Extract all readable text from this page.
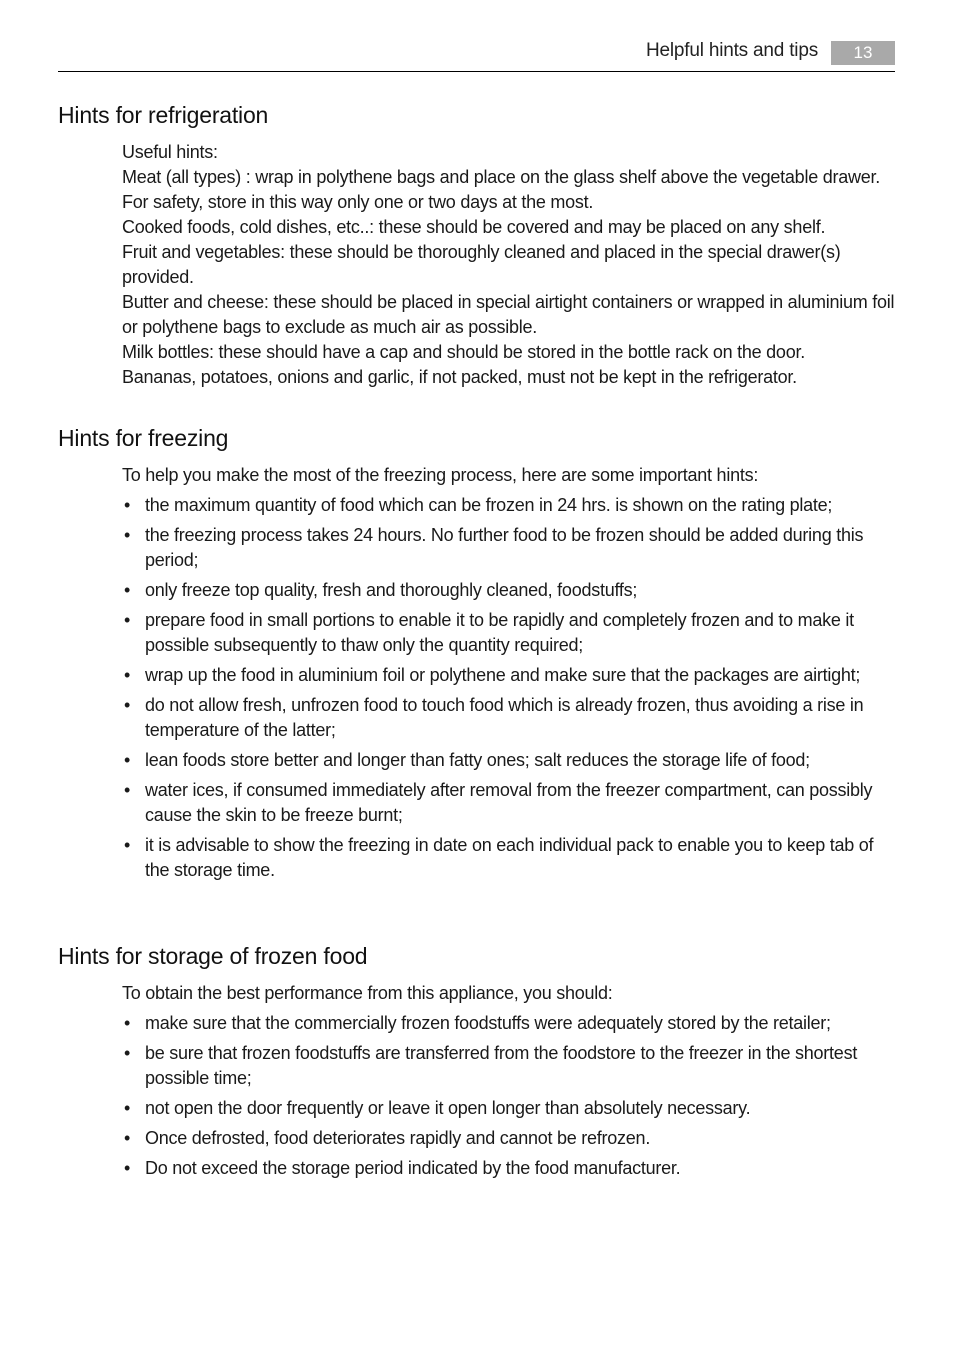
Helpful hints and tips	13
Hints for refrigeration

Useful hints:

Meat (all types) : wrap in polythene bags and place on the glass shelf above the vegetable drawer.

For safety, store in this way only one or two days at the most.

Cooked foods, cold dishes, etc..: these should be covered and may be placed on any shelf.

Fruit and vegetables: these should be thoroughly cleaned and placed in the special drawer(s) provided.

Butter and cheese: these should be placed in special airtight containers or wrapped in aluminium foil or polythene bags to exclude as much air as possible.

Milk bottles: these should have a cap and should be stored in the bottle rack on the door.

Bananas, potatoes, onions and garlic, if not packed, must not be kept in the refrigerator.

Hints for freezing

To help you make the most of the freezing process, here are some important hints:

• the maximum quantity of food which can be frozen in 24 hrs. is shown on the rating plate;
• the freezing process takes 24 hours. No further food to be frozen should be added during this period;
• only freeze top quality, fresh and thoroughly cleaned, foodstuffs;
• prepare food in small portions to enable it to be rapidly and completely frozen and to make it possible subsequently to thaw only the quantity required;
• wrap up the food in aluminium foil or polythene and make sure that the packages are airtight;
• do not allow fresh, unfrozen food to touch food which is already frozen, thus avoiding a rise in temperature of the latter;
• lean foods store better and longer than fatty ones; salt reduces the storage life of food;
• water ices, if consumed immediately after removal from the freezer compartment, can possibly cause the skin to be freeze burnt;
• it is advisable to show the freezing in date on each individual pack to enable you to keep tab of the storage time.
Hints for storage of frozen food

To obtain the best performance from this appliance, you should:

• make sure that the commercially frozen foodstuffs were adequately stored by the retailer;
• be sure that frozen foodstuffs are transferred from the foodstore to the freezer in the shortest possible time;
• not open the door frequently or leave it open longer than absolutely necessary.
• Once defrosted, food deteriorates rapidly and cannot be refrozen.
• Do not exceed the storage period indicated by the food manufacturer.
